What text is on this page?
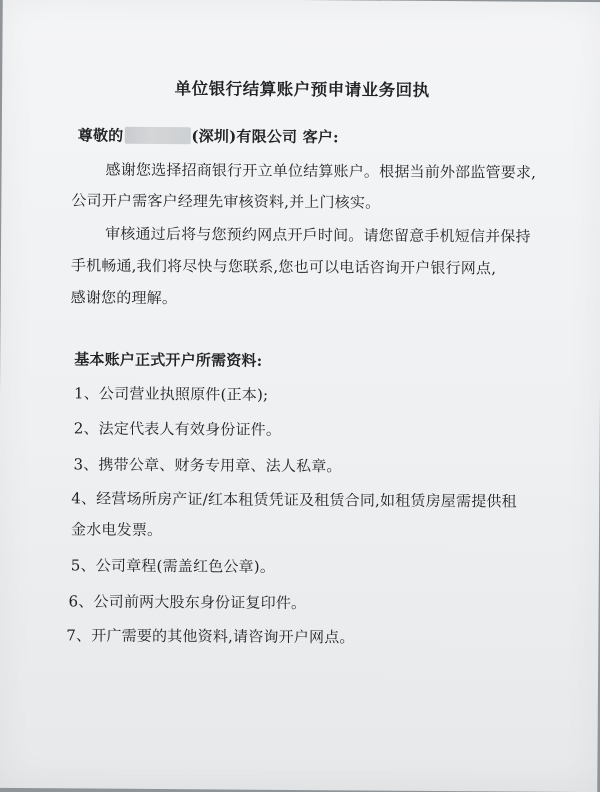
单位银行结算账户预申请业务回执
尊敬的	(深圳)有限公司 客户:
感谢您选择招商银行开立单位结算账户。根据当前外部监管要求,
公司开户需客户经理先审核资料,并上门核实。
审核通过后将与您预约网点开戶时间。请您留意手机短信并保持
手机畅通,我们将尽快与您联系,您也可以电话咨询开户银行网点,
感谢您的理解。
基本账户正式开户所需资料:
1、公司营业执照原件(正本);
2、法定代表人有效身份证件。
3、携带公章、财务专用章、法人私章。
4、经营场所房产证/红本租赁凭证及租赁合同,如租赁房屋需提供租
金水电发票。
5、公司章程(需盖红色公章)。
6、公司前两大股东身份证复印件。
7、开广需要的其他资料,请咨询开户网点。
